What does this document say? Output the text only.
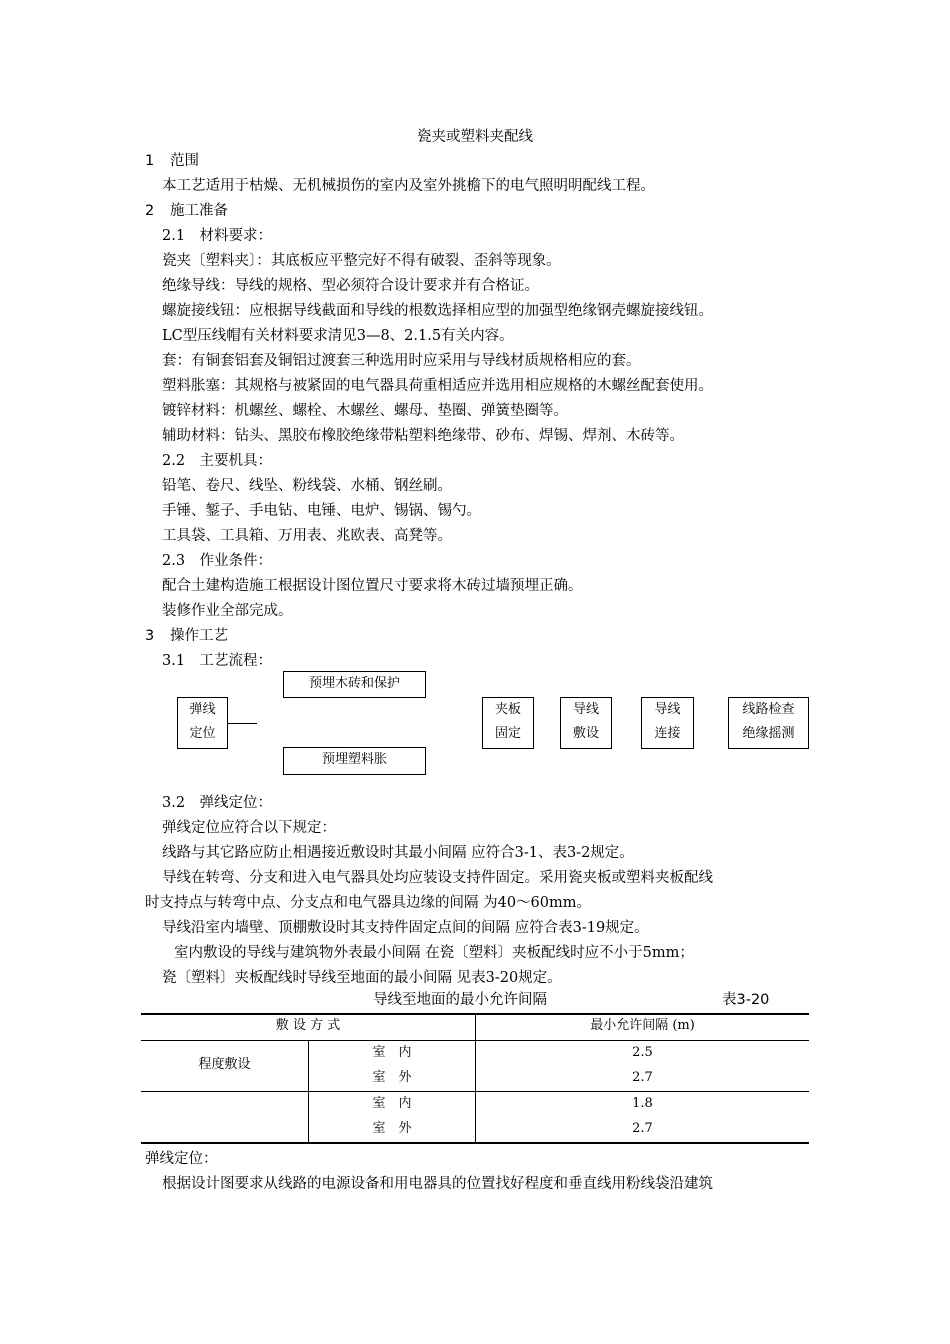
瓷夹或塑料夹配线
1 范围
本工艺适用于枯燥、无机械损伤的室内及室外挑檐下的电气照明明配线工程。
2 施工准备
2.1　材料要求：
瓷夹〔塑料夹〕：其底板应平整完好不得有破裂、歪斜等现象。
绝缘导线：导线的规格、型必须符合设计要求并有合格证。
螺旋接线钮：应根据导线截面和导线的根数选择相应型的加强型绝缘钢壳螺旋接线钮。
LC型压线帽有关材料要求清见3—8、2.1.5有关内容。
套：有铜套铝套及铜铝过渡套三种选用时应采用与导线材质规格相应的套。
塑料胀塞：其规格与被紧固的电气器具荷重相适应并选用相应规格的木螺丝配套使用。
镀锌材料：机螺丝、螺栓、木螺丝、螺母、垫圈、弹簧垫圈等。
辅助材料：钻头、黑胶布橡胶绝缘带粘塑料绝缘带、砂布、焊锡、焊剂、木砖等。
2.2　主要机具：
铅笔、卷尺、线坠、粉线袋、水桶、钢丝刷。
手锤、錾子、手电钻、电锤、电炉、锡锅、锡勺。
工具袋、工具箱、万用表、兆欧表、高凳等。
2.3　作业条件：
配合土建构造施工根据设计图位置尺寸要求将木砖过墙预埋正确。
装修作业全部完成。
3 操作工艺
3.1　工艺流程：
弹线
定位
预埋木砖和保护
预埋塑料胀
夹板
固定
导线
敷设
导线
连接
线路检查
绝缘摇测
3.2　弹线定位：
弹线定位应符合以下规定：
线路与其它路应防止相遇接近敷设时其最小间隔 应符合3-1、表3-2规定。
导线在转弯、分支和进入电气器具处均应装设支持件固定。采用瓷夹板或塑料夹板配线
时支持点与转弯中点、分支点和电气器具边缘的间隔 为40～60mm。
导线沿室内墙壁、顶棚敷设时其支持件固定点间的间隔 应符合表3-19规定。
室内敷设的导线与建筑物外表最小间隔 在瓷〔塑料〕夹板配线时应不小于5mm；
瓷〔塑料〕夹板配线时导线至地面的最小间隔 见表3-20规定。
导线至地面的最小允许间隔	表3-20
敷 设 方 式	最小允许间隔 (m)
程度敷设
室　内	2.5
室　外	2.7
室　内	1.8
室　外	2.7
弹线定位：
根据设计图要求从线路的电源设备和用电器具的位置找好程度和垂直线用粉线袋沿建筑
